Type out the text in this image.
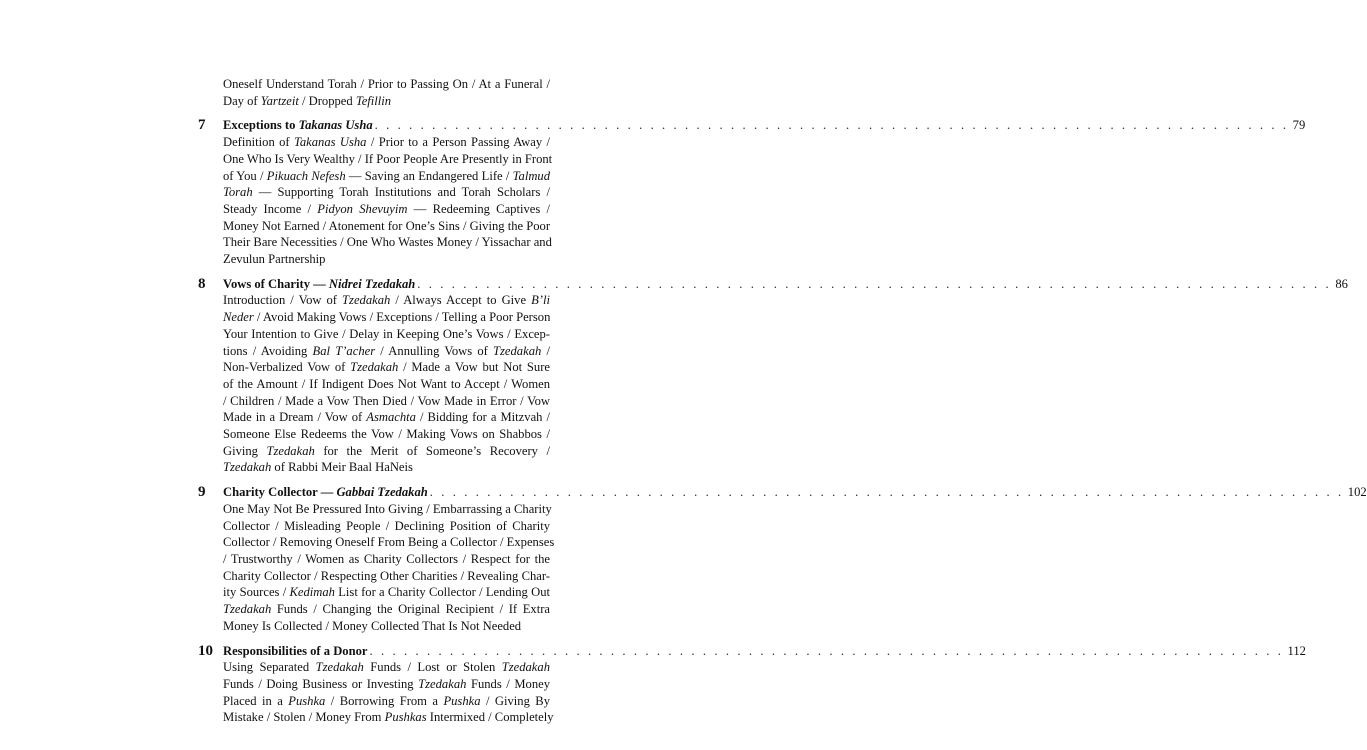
Oneself Understand Torah / Prior to Passing On / At a Funeral /
Day of Yartzeit / Dropped Tefillin
7 Exceptions to Takanas Usha . . . . . . . . . . . . . . . . . . . . . . . . . . . . . . . . . . . . . . . . . . . . . . . . . . . . . . . . . . . . . . . . . . . . . . . . . . . . . . . . 79
Definition of Takanas Usha / Prior to a Person Passing Away /
One Who Is Very Wealthy / If Poor People Are Presently in Front
of You / Pikuach Nefesh — Saving an Endangered Life / Talmud
Torah — Supporting Torah Institutions and Torah Scholars /
Steady Income / Pidyon Shevuyim — Redeeming Captives /
Money Not Earned / Atonement for One’s Sins / Giving the Poor
Their Bare Necessities / One Who Wastes Money / Yissachar and
Zevulun Partnership
8 Vows of Charity — Nidrei Tzedakah . . . . . . . . . . . . . . . . . . . . . . . . . . . . . . . . . . . . . . . . . . . . . . . . . . . . . . . . . . . . . . . . . . . . . . . . . . . . . . . . 86
Introduction / Vow of Tzedakah / Always Accept to Give B’li
Neder / Avoid Making Vows / Exceptions / Telling a Poor Person
Your Intention to Give / Delay in Keeping One’s Vows / Excep-
tions / Avoiding Bal T’acher / Annulling Vows of Tzedakah /
Non-Verbalized Vow of Tzedakah / Made a Vow but Not Sure
of the Amount / If Indigent Does Not Want to Accept / Women
/ Children / Made a Vow Then Died / Vow Made in Error / Vow
Made in a Dream / Vow of Asmachta / Bidding for a Mitzvah /
Someone Else Redeems the Vow / Making Vows on Shabbos /
Giving Tzedakah for the Merit of Someone’s Recovery /
Tzedakah of Rabbi Meir Baal HaNeis
9 Charity Collector — Gabbai Tzedakah . . . . . . . . . . . . . . . . . . . . . . . . . . . . . . . . . . . . . . . . . . . . . . . . . . . . . . . . . . . . . . . . . . . . . . . . . . . . . . . . 102
One May Not Be Pressured Into Giving / Embarrassing a Charity
Collector / Misleading People / Declining Position of Charity
Collector / Removing Oneself From Being a Collector / Expenses
/ Trustworthy / Women as Charity Collectors / Respect for the
Charity Collector / Respecting Other Charities / Revealing Char-
ity Sources / Kedimah List for a Charity Collector / Lending Out
Tzedakah Funds / Changing the Original Recipient / If Extra
Money Is Collected / Money Collected That Is Not Needed
10 Responsibilities of a Donor . . . . . . . . . . . . . . . . . . . . . . . . . . . . . . . . . . . . . . . . . . . . . . . . . . . . . . . . . . . . . . . . . . . . . . . . . . . . . . . . 112
Using Separated Tzedakah Funds / Lost or Stolen Tzedakah
Funds / Doing Business or Investing Tzedakah Funds / Money
Placed in a Pushka / Borrowing From a Pushka / Giving By
Mistake / Stolen / Money From Pushkas Intermixed / Completely
